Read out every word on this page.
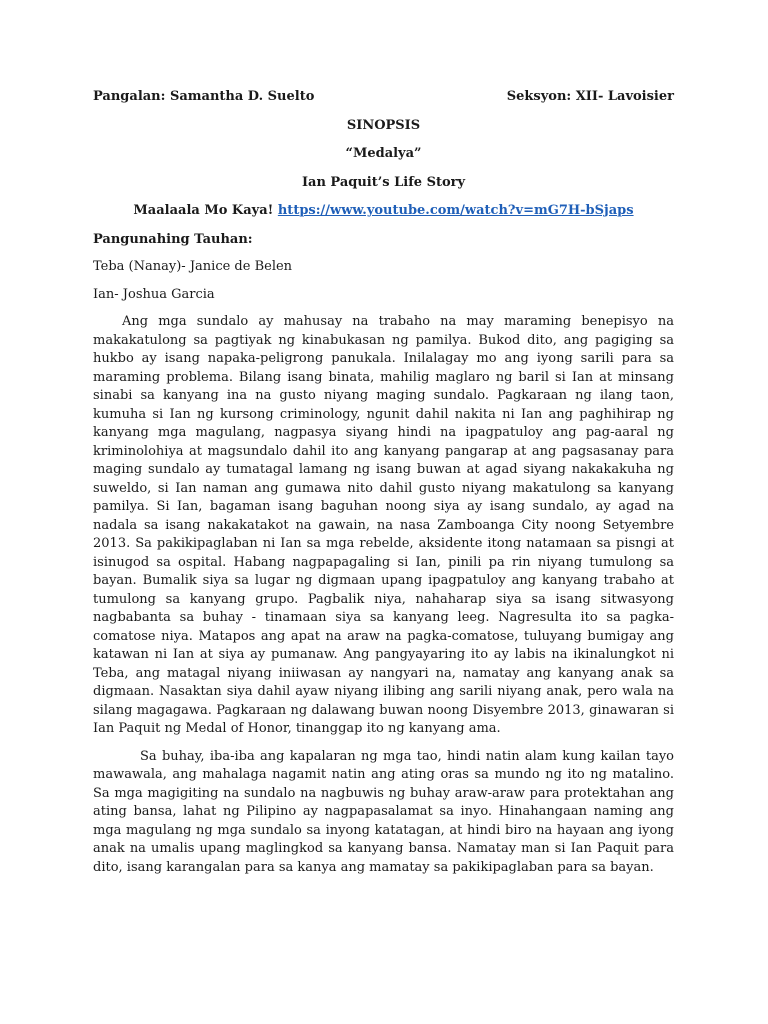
Pangalan: Samantha D. Suelto	Seksyon: XII- Lavoisier
SINOPSIS
“Medalya”
Ian Paquit’s Life Story
Maalaala Mo Kaya! https://www.youtube.com/watch?v=mG7H-bSjaps
Pangunahing Tauhan:
Teba (Nanay)- Janice de Belen
Ian- Joshua Garcia

Ang mga sundalo ay mahusay na trabaho na may maraming benepisyo na makakatulong sa pagtiyak ng kinabukasan ng pamilya. Bukod dito, ang pagiging sa hukbo ay isang napaka-peligrong panukala. Inilalagay mo ang iyong sarili para sa maraming problema. Bilang isang binata, mahilig maglaro ng baril si Ian at minsang sinabi sa kanyang ina na gusto niyang maging sundalo. Pagkaraan ng ilang taon, kumuha si Ian ng kursong criminology, ngunit dahil nakita ni Ian ang paghihirap ng kanyang mga magulang, nagpasya siyang hindi na ipagpatuloy ang pag-aaral ng kriminolohiya at magsundalo dahil ito ang kanyang pangarap at ang pagsasanay para maging sundalo ay tumatagal lamang ng isang buwan at agad siyang nakakakuha ng suweldo, si Ian naman ang gumawa nito dahil gusto niyang makatulong sa kanyang pamilya. Si Ian, bagaman isang baguhan noong siya ay isang sundalo, ay agad na nadala sa isang nakakatakot na gawain, na nasa Zamboanga City noong Setyembre 2013. Sa pakikipaglaban ni Ian sa mga rebelde, aksidente itong natamaan sa pisngi at isinugod sa ospital. Habang nagpapagaling si Ian, pinili pa rin niyang tumulong sa bayan. Bumalik siya sa lugar ng digmaan upang ipagpatuloy ang kanyang trabaho at tumulong sa kanyang grupo. Pagbalik niya, nahaharap siya sa isang sitwasyong nagbabanta sa buhay - tinamaan siya sa kanyang leeg. Nagresulta ito sa pagka-comatose niya. Matapos ang apat na araw na pagka-comatose, tuluyang bumigay ang katawan ni Ian at siya ay pumanaw. Ang pangyayaring ito ay labis na ikinalungkot ni Teba, ang matagal niyang iniiwasan ay nangyari na, namatay ang kanyang anak sa digmaan. Nasaktan siya dahil ayaw niyang ilibing ang sarili niyang anak, pero wala na silang magagawa. Pagkaraan ng dalawang buwan noong Disyembre 2013, ginawaran si Ian Paquit ng Medal of Honor, tinanggap ito ng kanyang ama.

Sa buhay, iba-iba ang kapalaran ng mga tao, hindi natin alam kung kailan tayo mawawala, ang mahalaga nagamit natin ang ating oras sa mundo ng ito ng matalino. Sa mga magigiting na sundalo na nagbuwis ng buhay araw-araw para protektahan ang ating bansa, lahat ng Pilipino ay nagpapasalamat sa inyo. Hinahangaan naming ang mga magulang ng mga sundalo sa inyong katatagan, at hindi biro na hayaan ang iyong anak na umalis upang maglingkod sa kanyang bansa. Namatay man si Ian Paquit para dito, isang karangalan para sa kanya ang mamatay sa pakikipaglaban para sa bayan.
